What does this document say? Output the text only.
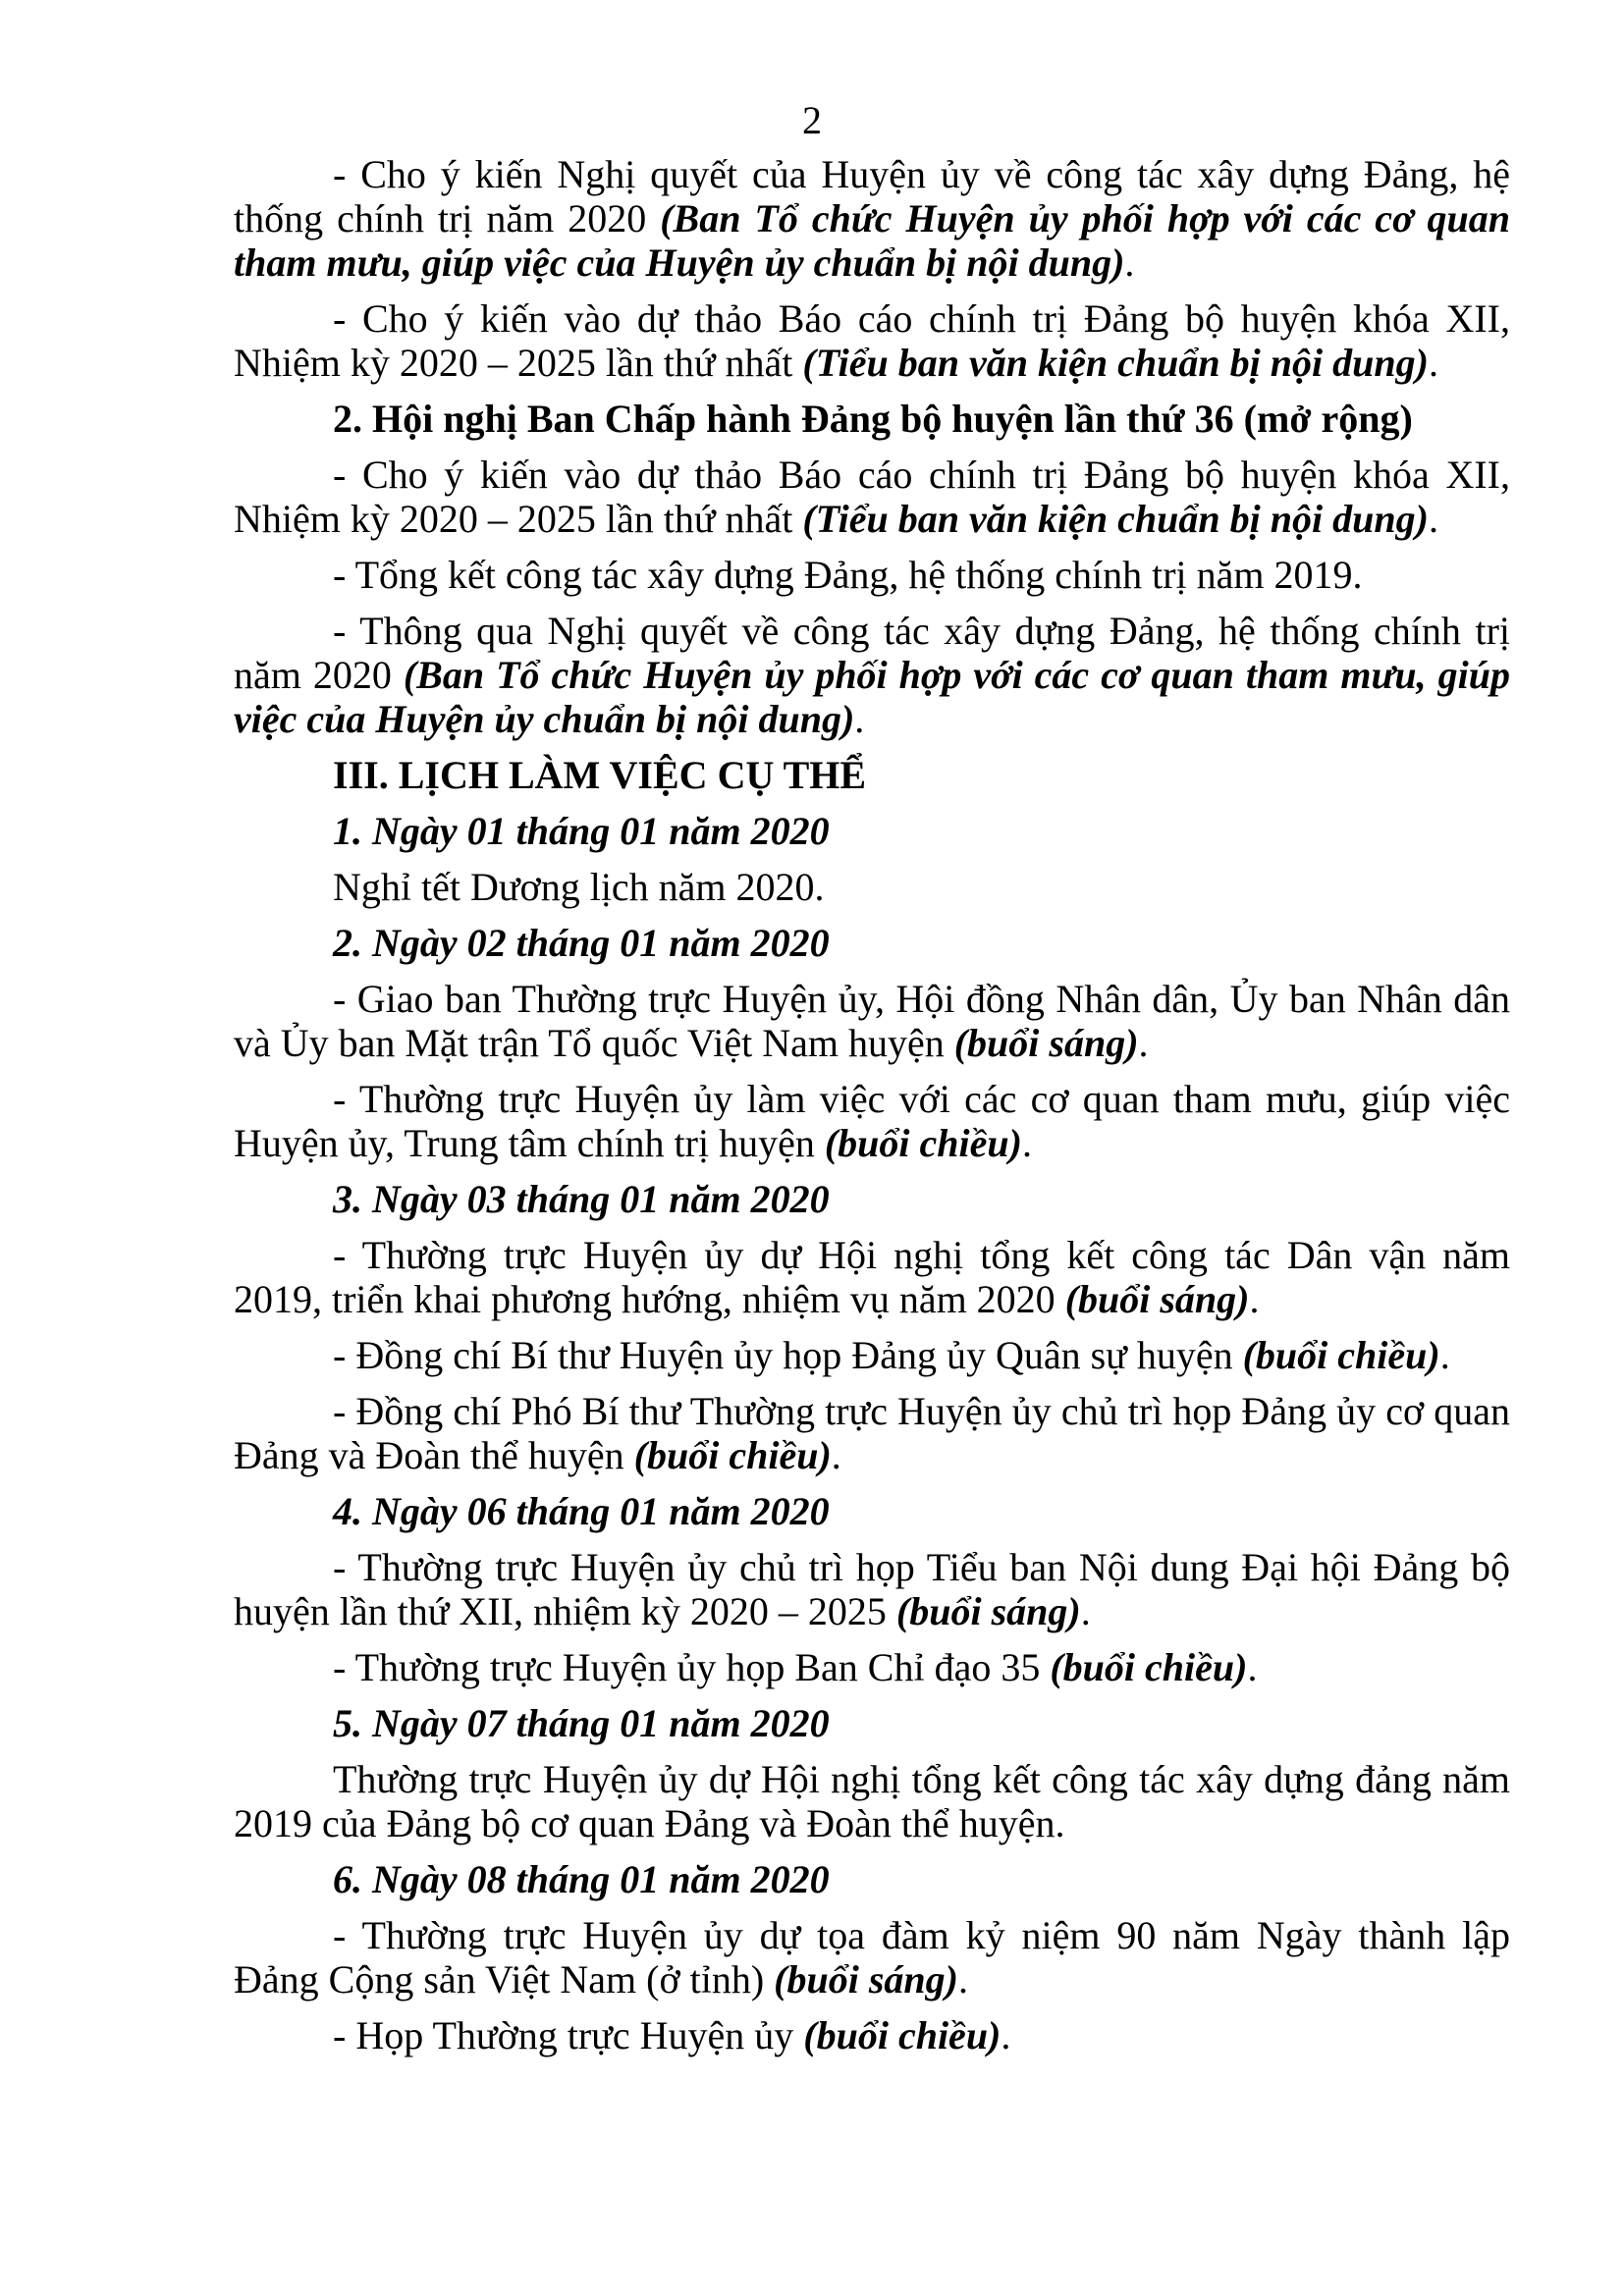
2

- Cho ý kiến Nghị quyết của Huyện ủy về công tác xây dựng Đảng, hệ thống chính trị năm 2020 (Ban Tổ chức Huyện ủy phối hợp với các cơ quan tham mưu, giúp việc của Huyện ủy chuẩn bị nội dung).

- Cho ý kiến vào dự thảo Báo cáo chính trị Đảng bộ huyện khóa XII, Nhiệm kỳ 2020 – 2025 lần thứ nhất (Tiểu ban văn kiện chuẩn bị nội dung).

2. Hội nghị Ban Chấp hành Đảng bộ huyện lần thứ 36 (mở rộng)

- Cho ý kiến vào dự thảo Báo cáo chính trị Đảng bộ huyện khóa XII, Nhiệm kỳ 2020 – 2025 lần thứ nhất (Tiểu ban văn kiện chuẩn bị nội dung).

- Tổng kết công tác xây dựng Đảng, hệ thống chính trị năm 2019.

- Thông qua Nghị quyết về công tác xây dựng Đảng, hệ thống chính trị năm 2020 (Ban Tổ chức Huyện ủy phối hợp với các cơ quan tham mưu, giúp việc của Huyện ủy chuẩn bị nội dung).

III. LỊCH LÀM VIỆC CỤ THỂ

1. Ngày 01 tháng 01 năm 2020

Nghỉ tết Dương lịch năm 2020.

2. Ngày 02 tháng 01 năm 2020

- Giao ban Thường trực Huyện ủy, Hội đồng Nhân dân, Ủy ban Nhân dân và Ủy ban Mặt trận Tổ quốc Việt Nam huyện (buổi sáng).

- Thường trực Huyện ủy làm việc với các cơ quan tham mưu, giúp việc Huyện ủy, Trung tâm chính trị huyện (buổi chiều).

3. Ngày 03 tháng 01 năm 2020

- Thường trực Huyện ủy dự Hội nghị tổng kết công tác Dân vận năm 2019, triển khai phương hướng, nhiệm vụ năm 2020 (buổi sáng).

- Đồng chí Bí thư Huyện ủy họp Đảng ủy Quân sự huyện (buổi chiều).

- Đồng chí Phó Bí thư Thường trực Huyện ủy chủ trì họp Đảng ủy cơ quan Đảng và Đoàn thể huyện (buổi chiều).

4. Ngày 06 tháng 01 năm 2020

- Thường trực Huyện ủy chủ trì họp Tiểu ban Nội dung Đại hội Đảng bộ huyện lần thứ XII, nhiệm kỳ 2020 – 2025 (buổi sáng).

- Thường trực Huyện ủy họp Ban Chỉ đạo 35 (buổi chiều).

5. Ngày 07 tháng 01 năm 2020

Thường trực Huyện ủy dự Hội nghị tổng kết công tác xây dựng đảng năm 2019 của Đảng bộ cơ quan Đảng và Đoàn thể huyện.

6. Ngày 08 tháng 01 năm 2020

- Thường trực Huyện ủy dự tọa đàm kỷ niệm 90 năm Ngày thành lập Đảng Cộng sản Việt Nam (ở tỉnh) (buổi sáng).

- Họp Thường trực Huyện ủy (buổi chiều).
